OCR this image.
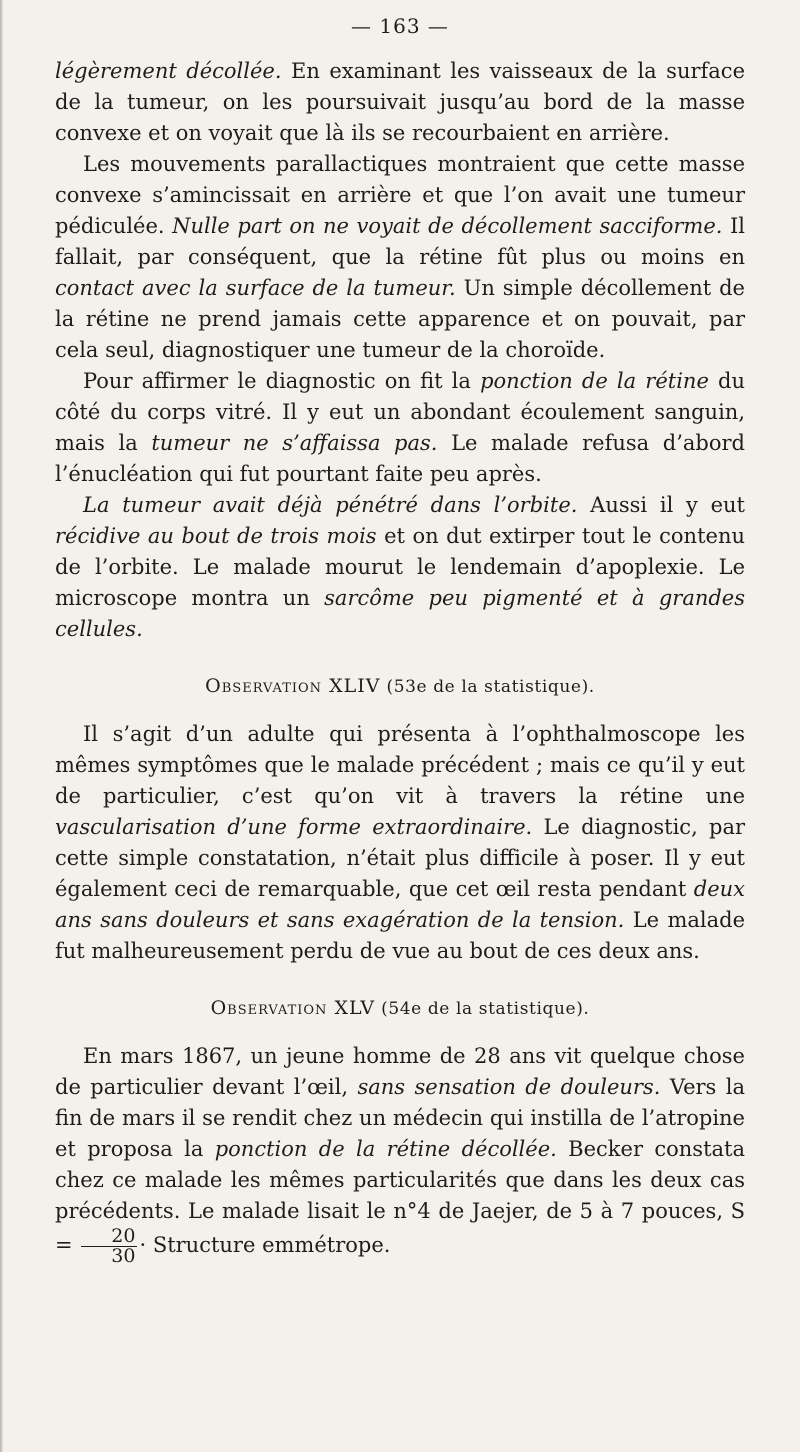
— 163 —

légèrement décollée. En examinant les vaisseaux de la surface de la tumeur, on les poursuivait jusqu’au bord de la masse convexe et on voyait que là ils se recourbaient en arrière.

Les mouvements parallactiques montraient que cette masse convexe s’amincissait en arrière et que l’on avait une tumeur pédiculée. Nulle part on ne voyait de décollement sacciforme. Il fallait, par conséquent, que la rétine fût plus ou moins en contact avec la surface de la tumeur. Un simple décollement de la rétine ne prend jamais cette apparence et on pouvait, par cela seul, diagnostiquer une tumeur de la choroïde.

Pour affirmer le diagnostic on fit la ponction de la rétine du côté du corps vitré. Il y eut un abondant écoulement sanguin, mais la tumeur ne s’affaissa pas. Le malade refusa d’abord l’énucléation qui fut pourtant faite peu après.

La tumeur avait déjà pénétré dans l’orbite. Aussi il y eut récidive au bout de trois mois et on dut extirper tout le contenu de l’orbite. Le malade mourut le lendemain d’apoplexie. Le microscope montra un sarcôme peu pigmenté et à grandes cellules.

Observation XLIV (53e de la statistique).

Il s’agit d’un adulte qui présenta à l’ophthalmoscope les mêmes symptômes que le malade précédent ; mais ce qu’il y eut de particulier, c’est qu’on vit à travers la rétine une vascularisation d’une forme extraordinaire. Le diagnostic, par cette simple constatation, n’était plus difficile à poser. Il y eut également ceci de remarquable, que cet œil resta pendant deux ans sans douleurs et sans exagération de la tension. Le malade fut malheureusement perdu de vue au bout de ces deux ans.

Observation XLV (54e de la statistique).

En mars 1867, un jeune homme de 28 ans vit quelque chose de particulier devant l’œil, sans sensation de douleurs. Vers la fin de mars il se rendit chez un médecin qui instilla de l’atropine et proposa la ponction de la rétine décollée. Becker constata chez ce malade les mêmes particularités que dans les deux cas précédents. Le malade lisait le n°4 de Jaejer, de 5 à 7 pouces, $S = \frac{20}{30}$ · Structure emmétrope.
